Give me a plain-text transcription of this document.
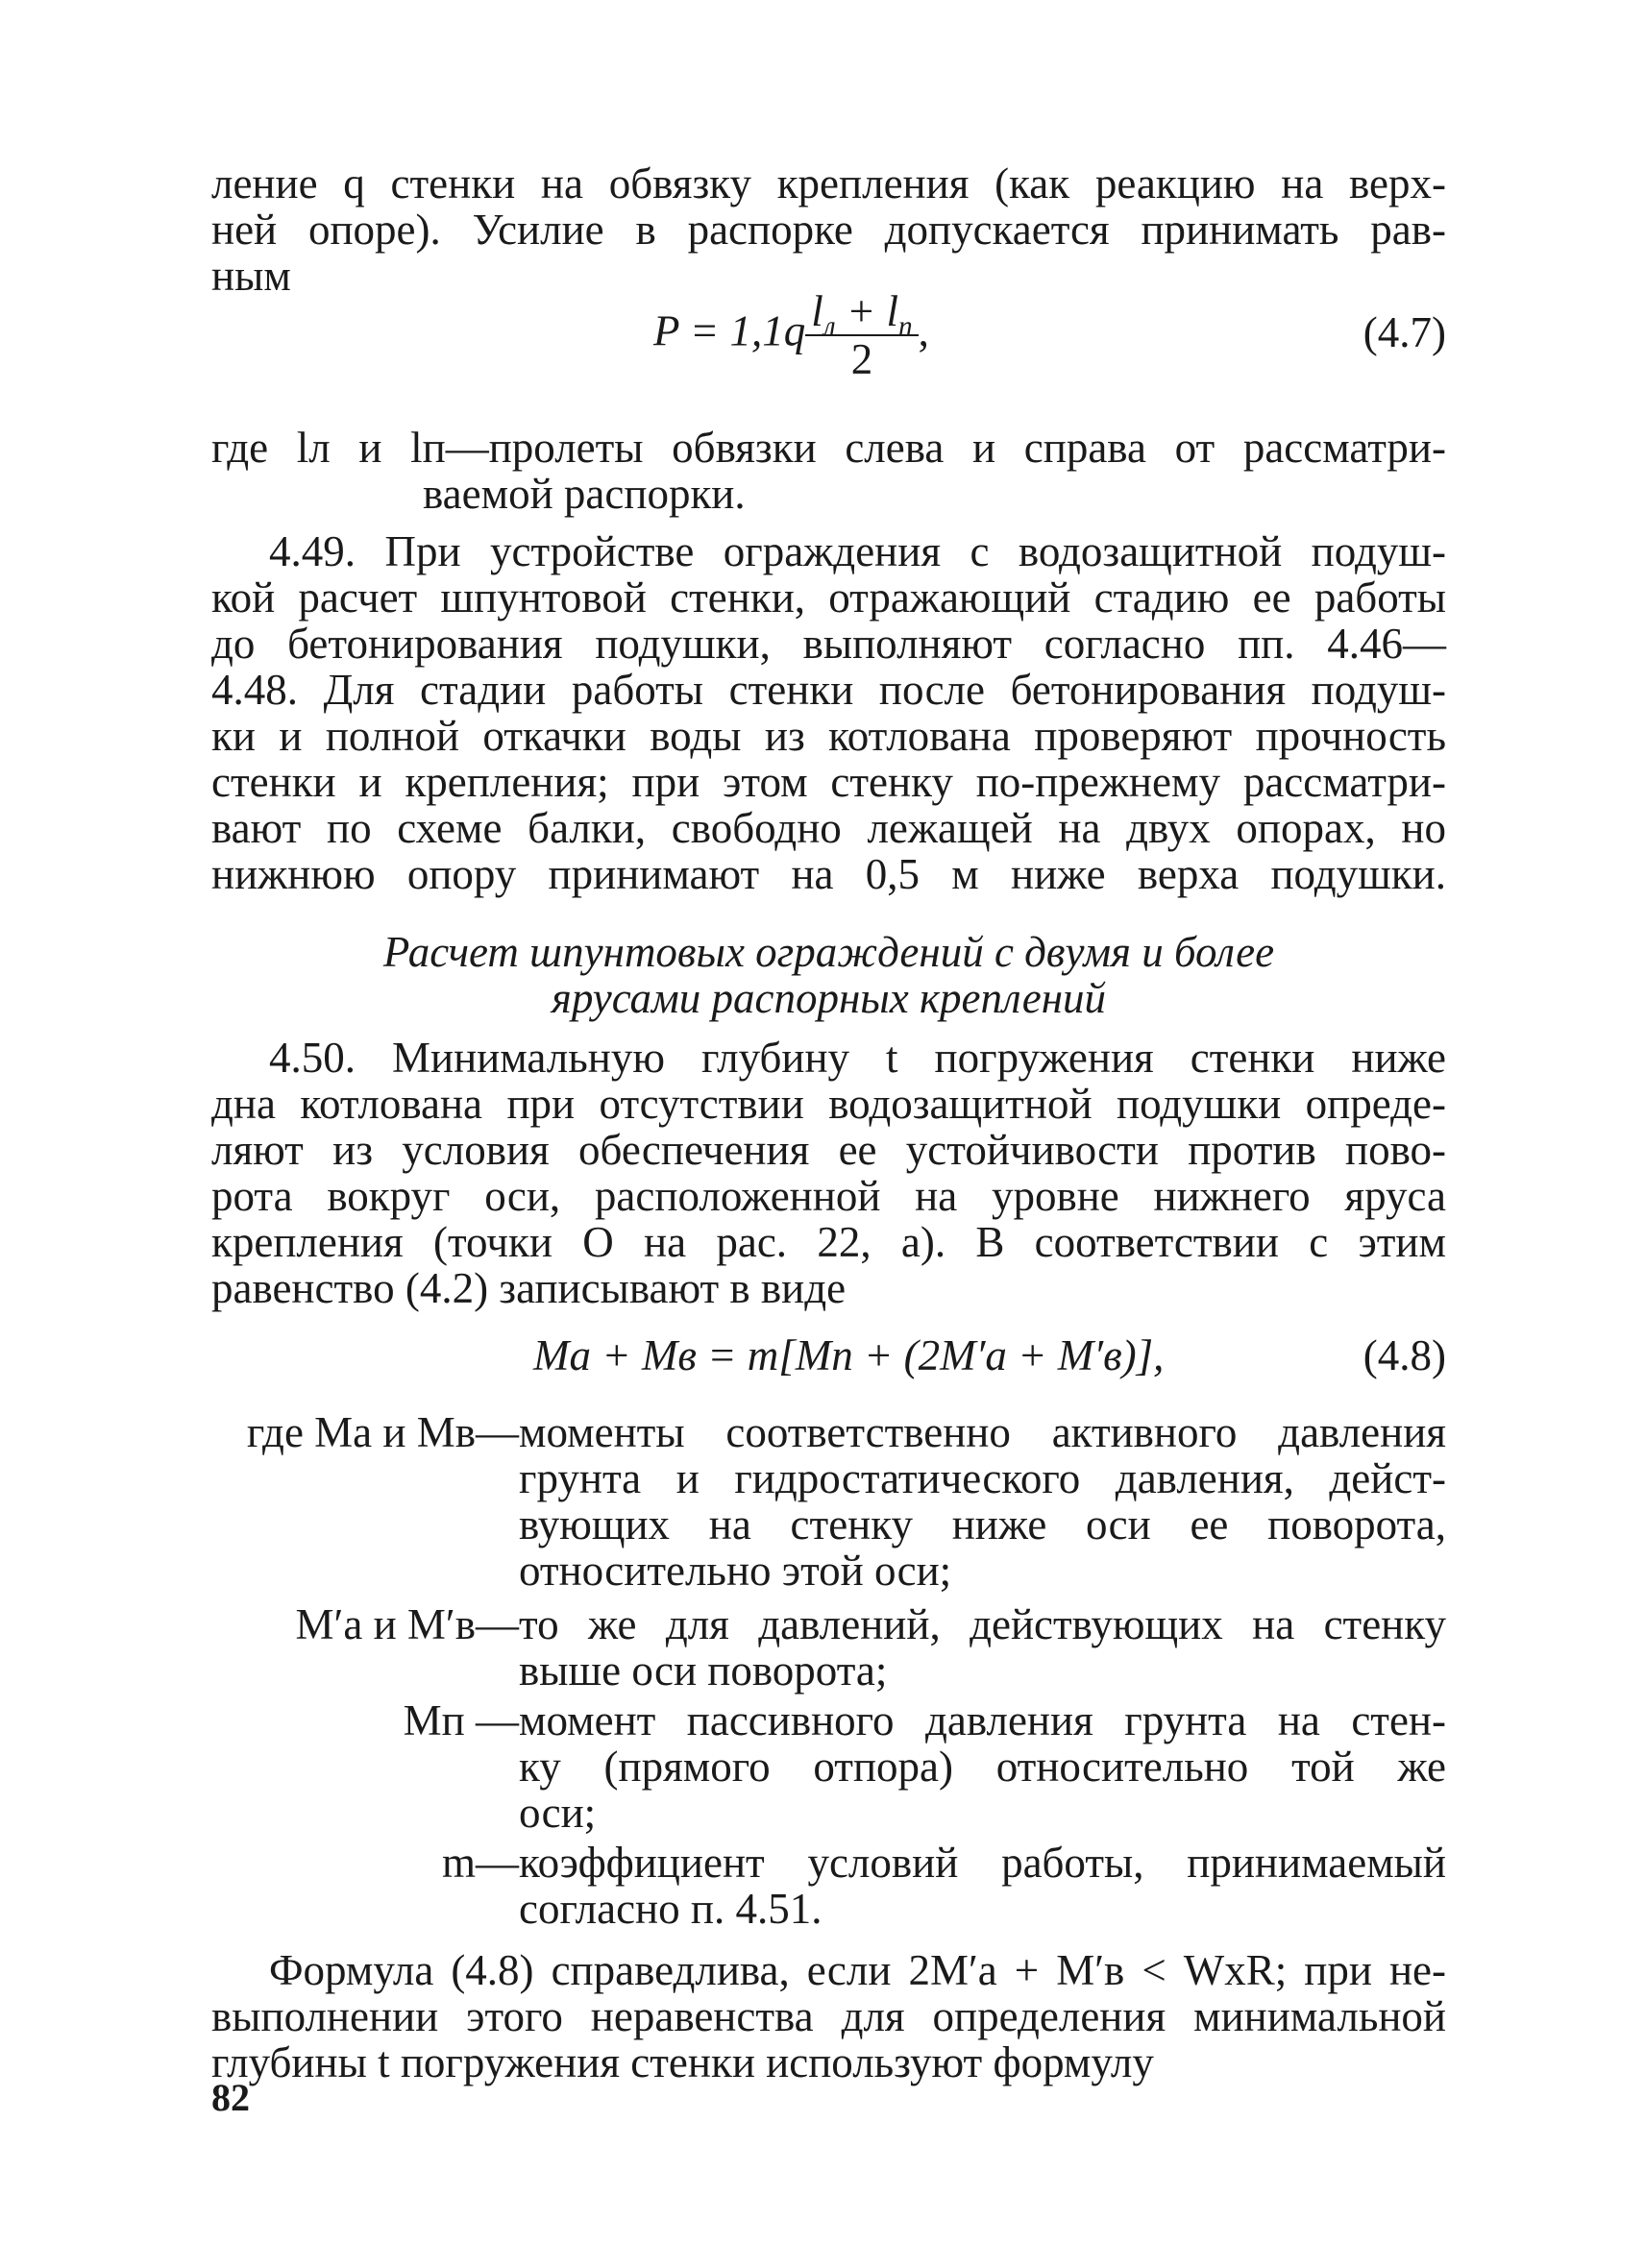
ление q стенки на обвязку крепления (как реакцию на верх-
ней опоре). Усилие в распорке допускается принимать рав-
ным
$P = 1,1q \frac{l_л + l_п}{2}$ ,	(4.7)
где lл и lп—пролеты обвязки слева и справа от рассматри-
ваемой распорки.
4.49. При устройстве ограждения с водозащитной подуш-
кой расчет шпунтовой стенки, отражающий стадию ее работы
до бетонирования подушки, выполняют согласно пп. 4.46—
4.48. Для стадии работы стенки после бетонирования подуш-
ки и полной откачки воды из котлована проверяют прочность
стенки и крепления; при этом стенку по-прежнему рассматри-
вают по схеме балки, свободно лежащей на двух опорах, но
нижнюю опору принимают на 0,5 м ниже верха подушки.
Расчет шпунтовых ограждений с двумя и более
ярусами распорных креплений
4.50. Минимальную глубину t погружения стенки ниже
дна котлована при отсутствии водозащитной подушки опреде-
ляют из условия обеспечения ее устойчивости против пово-
рота вокруг оси, расположенной на уровне нижнего яруса
крепления (точки O на рас. 22, a). В соответствии с этим
равенство (4.2) записывают в виде
Mа + Mв = m[Mп + (2M′а + M′в)],	(4.8)
где Mа и Mв— моменты соответственно активного давления
грунта и гидростатического давления, дейст-
вующих на стенку ниже оси ее поворота,
относительно этой оси;
M′а и M′в— то же для давлений, действующих на стенку
выше оси поворота;
Mп — момент пассивного давления грунта на стен-
ку (прямого отпора) относительно той же
оси;
m— коэффициент условий работы, принимаемый
согласно п. 4.51.
Формула (4.8) справедлива, если 2M′а + M′в < WxR; при не-
выполнении этого неравенства для определения минимальной
глубины t погружения стенки используют формулу
82
